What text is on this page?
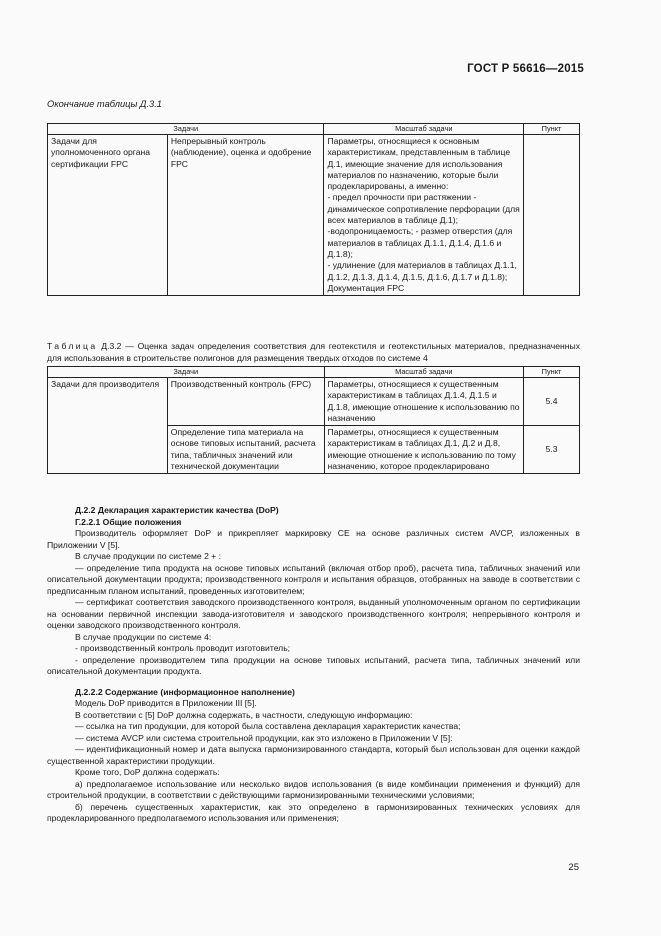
ГОСТ Р 56616—2015
Окончание таблицы Д.3.1
Задачи		Масштаб задачи	Пункт
Задачи для уполномоченного органа сертификации FPC	Непрерывный контроль (наблюдение), оценка и одобрение FPC	Параметры, относящиеся к основным характеристикам, представленным в таблице Д.1, имеющие значение для использования материалов по назначению, которые были продекларированы, а именно:
- предел прочности при растяжении - динамическое сопротивление перфорации (для всех материалов в таблице Д.1);
-водопроницаемость; - размер отверстия (для материалов в таблицах Д.1.1, Д.1.4, Д.1.6 и Д.1.8);
- удлинение (для материалов в таблицах Д.1.1, Д.1.2, Д.1.3, Д.1.4, Д.1.5, Д.1.6, Д.1.7 и Д.1.8);
Документация FPC	
Таблица Д.3.2 — Оценка задач определения соответствия для геотекстиля и геотекстильных материалов, предназначенных для использования в строительстве полигонов для размещения твердых отходов по системе 4
Задачи		Масштаб задачи	Пункт
Задачи для производителя	Производственный контроль (FPC)	Параметры, относящиеся к существенным характеристикам в таблицах Д.1.4, Д.1.5 и Д.1.8, имеющие отношение к использованию по назначению	5.4
	Определение типа материала на основе типовых испытаний, расчета типа, табличных значений или технической документации	Параметры, относящиеся к существенным характеристикам в таблицах Д.1, Д.2 и Д.8, имеющие отношение к использованию по тому назначению, которое продекларировано	5.3

Д.2.2 Декларация характеристик качества (DoP)

Г.2.2.1 Общие положения

Производитель оформляет DoP и прикрепляет маркировку СЕ на основе различных систем AVCP, изложенных в Приложении V [5].

В случае продукции по системе 2 + :

— определение типа продукта на основе типовых испытаний (включая отбор проб), расчета типа, табличных значений или описательной документации продукта; производственного контроля и испытания образцов, отобранных на заводе в соответствии с предписанным планом испытаний, проведенных изготовителем;

— сертификат соответствия заводского производственного контроля, выданный уполномоченным органом по сертификации на основании первичной инспекции завода-изготовителя и заводского производственного контроля; непрерывного контроля и оценки заводского производственного контроля.

В случае продукции по системе 4:

- производственный контроль проводит изготовитель;

- определение производителем типа продукции на основе типовых испытаний, расчета типа, табличных значений или описательной документации продукта.

Д.2.2.2 Содержание (информационное наполнение)

Модель DoP приводится в Приложении III [5].

В соответствии с [5] DoP должна содержать, в частности, следующую информацию:

— ссылка на тип продукции, для которой была составлена декларация характеристик качества;

— система AVCP или система строительной продукции, как это изложено в Приложении V [5]:

— идентификационный номер и дата выпуска гармонизированного стандарта, который был использован для оценки каждой существенной характеристики продукции.

Кроме того, DoP должна содержать:

а) предполагаемое использование или несколько видов использования (в виде комбинации применения и функций) для строительной продукции, в соответствии с действующими гармонизированными техническими условиями;

б) перечень существенных характеристик, как это определено в гармонизированных технических условиях для продекларированного предполагаемого использования или применения;

25
